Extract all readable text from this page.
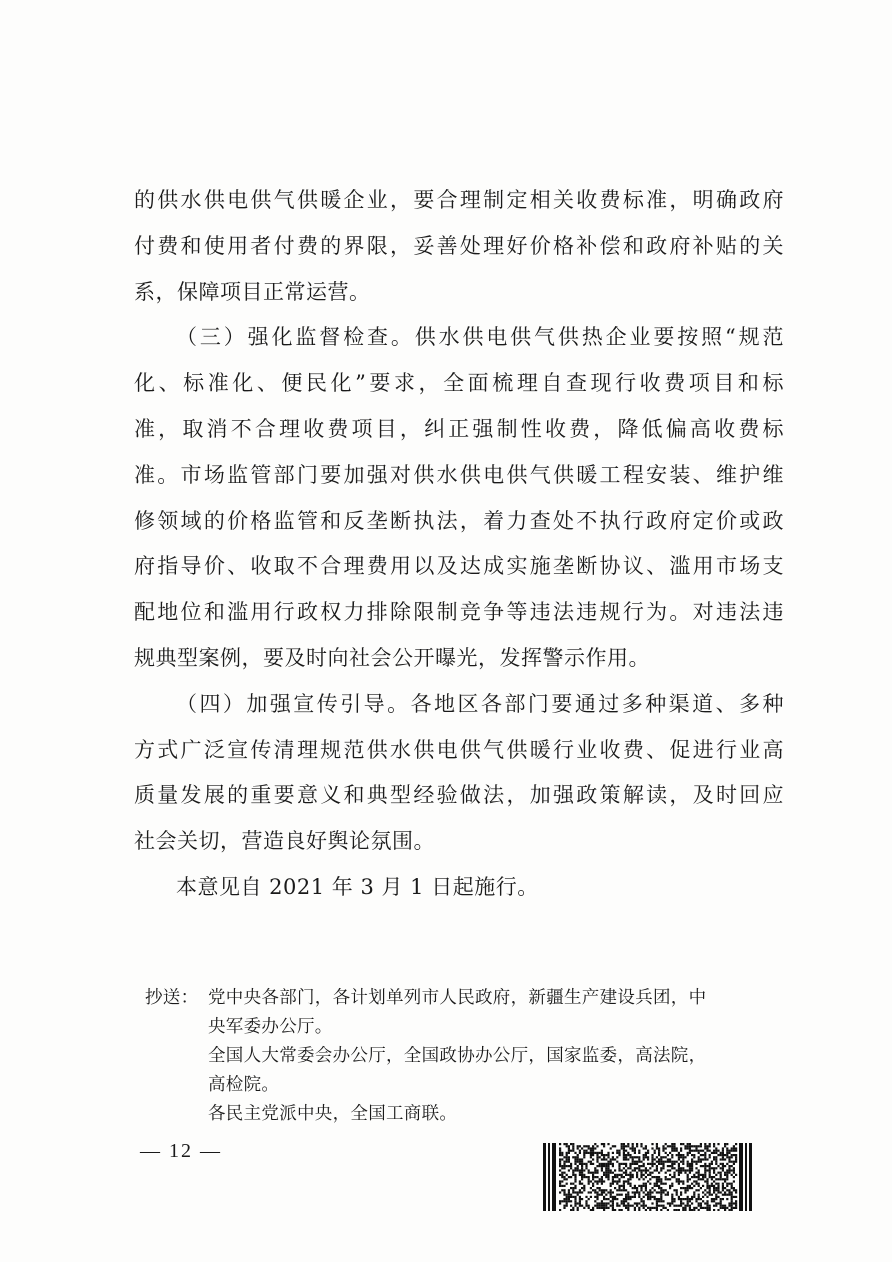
的供水供电供气供暖企业，要合理制定相关收费标准，明确政府
付费和使用者付费的界限，妥善处理好价格补偿和政府补贴的关
系，保障项目正常运营。
（三）强化监督检查。供水供电供气供热企业要按照“规范
化、标准化、便民化”要求，全面梳理自查现行收费项目和标
准，取消不合理收费项目，纠正强制性收费，降低偏高收费标
准。市场监管部门要加强对供水供电供气供暖工程安装、维护维
修领域的价格监管和反垄断执法，着力查处不执行政府定价或政
府指导价、收取不合理费用以及达成实施垄断协议、滥用市场支
配地位和滥用行政权力排除限制竞争等违法违规行为。对违法违
规典型案例，要及时向社会公开曝光，发挥警示作用。
（四）加强宣传引导。各地区各部门要通过多种渠道、多种
方式广泛宣传清理规范供水供电供气供暖行业收费、促进行业高
质量发展的重要意义和典型经验做法，加强政策解读，及时回应
社会关切，营造良好舆论氛围。
本意见自 2021 年 3 月 1 日起施行。
抄送： 党中央各部门，各计划单列市人民政府，新疆生产建设兵团，中
央军委办公厅。
全国人大常委会办公厅，全国政协办公厅，国家监委，高法院，
高检院。
各民主党派中央，全国工商联。
— 12 —
